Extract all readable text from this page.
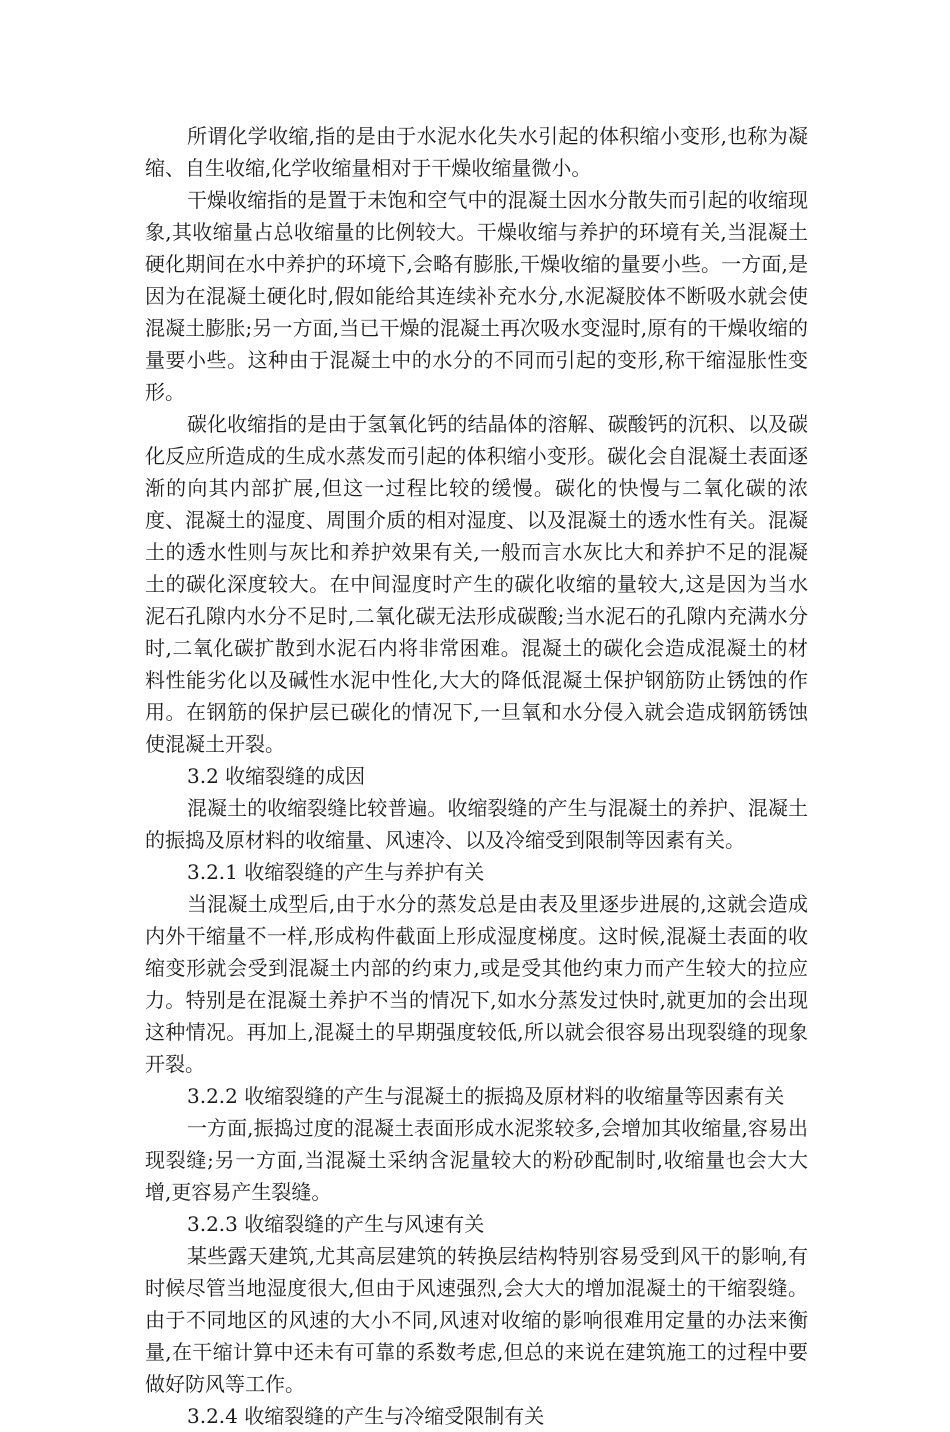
所谓化学收缩,指的是由于水泥水化失水引起的体积缩小变形,也称为凝缩、自生收缩,化学收缩量相对于干燥收缩量微小。

干燥收缩指的是置于未饱和空气中的混凝土因水分散失而引起的收缩现象,其收缩量占总收缩量的比例较大。干燥收缩与养护的环境有关,当混凝土硬化期间在水中养护的环境下,会略有膨胀,干燥收缩的量要小些。一方面,是因为在混凝土硬化时,假如能给其连续补充水分,水泥凝胶体不断吸水就会使混凝土膨胀;另一方面,当已干燥的混凝土再次吸水变湿时,原有的干燥收缩的量要小些。这种由于混凝土中的水分的不同而引起的变形,称干缩湿胀性变形。

碳化收缩指的是由于氢氧化钙的结晶体的溶解、碳酸钙的沉积、以及碳化反应所造成的生成水蒸发而引起的体积缩小变形。碳化会自混凝土表面逐渐的向其内部扩展,但这一过程比较的缓慢。碳化的快慢与二氧化碳的浓度、混凝土的湿度、周围介质的相对湿度、以及混凝土的透水性有关。混凝土的透水性则与灰比和养护效果有关,一般而言水灰比大和养护不足的混凝土的碳化深度较大。在中间湿度时产生的碳化收缩的量较大,这是因为当水泥石孔隙内水分不足时,二氧化碳无法形成碳酸;当水泥石的孔隙内充满水分时,二氧化碳扩散到水泥石内将非常困难。混凝土的碳化会造成混凝土的材料性能劣化以及碱性水泥中性化,大大的降低混凝土保护钢筋防止锈蚀的作用。在钢筋的保护层已碳化的情况下,一旦氧和水分侵入就会造成钢筋锈蚀使混凝土开裂。

3.2 收缩裂缝的成因

混凝土的收缩裂缝比较普遍。收缩裂缝的产生与混凝土的养护、混凝土的振捣及原材料的收缩量、风速冷、以及冷缩受到限制等因素有关。

3.2.1 收缩裂缝的产生与养护有关

当混凝土成型后,由于水分的蒸发总是由表及里逐步进展的,这就会造成内外干缩量不一样,形成构件截面上形成湿度梯度。这时候,混凝土表面的收缩变形就会受到混凝土内部的约束力,或是受其他约束力而产生较大的拉应力。特别是在混凝土养护不当的情况下,如水分蒸发过快时,就更加的会出现这种情况。再加上,混凝土的早期强度较低,所以就会很容易出现裂缝的现象开裂。

3.2.2 收缩裂缝的产生与混凝土的振捣及原材料的收缩量等因素有关

一方面,振捣过度的混凝土表面形成水泥浆较多,会增加其收缩量,容易出现裂缝;另一方面,当混凝土采纳含泥量较大的粉砂配制时,收缩量也会大大增,更容易产生裂缝。

3.2.3 收缩裂缝的产生与风速有关

某些露天建筑,尤其高层建筑的转换层结构特别容易受到风干的影响,有时候尽管当地湿度很大,但由于风速强烈,会大大的增加混凝土的干缩裂缝。由于不同地区的风速的大小不同,风速对收缩的影响很难用定量的办法来衡量,在干缩计算中还未有可靠的系数考虑,但总的来说在建筑施工的过程中要做好防风等工作。

3.2.4 收缩裂缝的产生与冷缩受限制有关
